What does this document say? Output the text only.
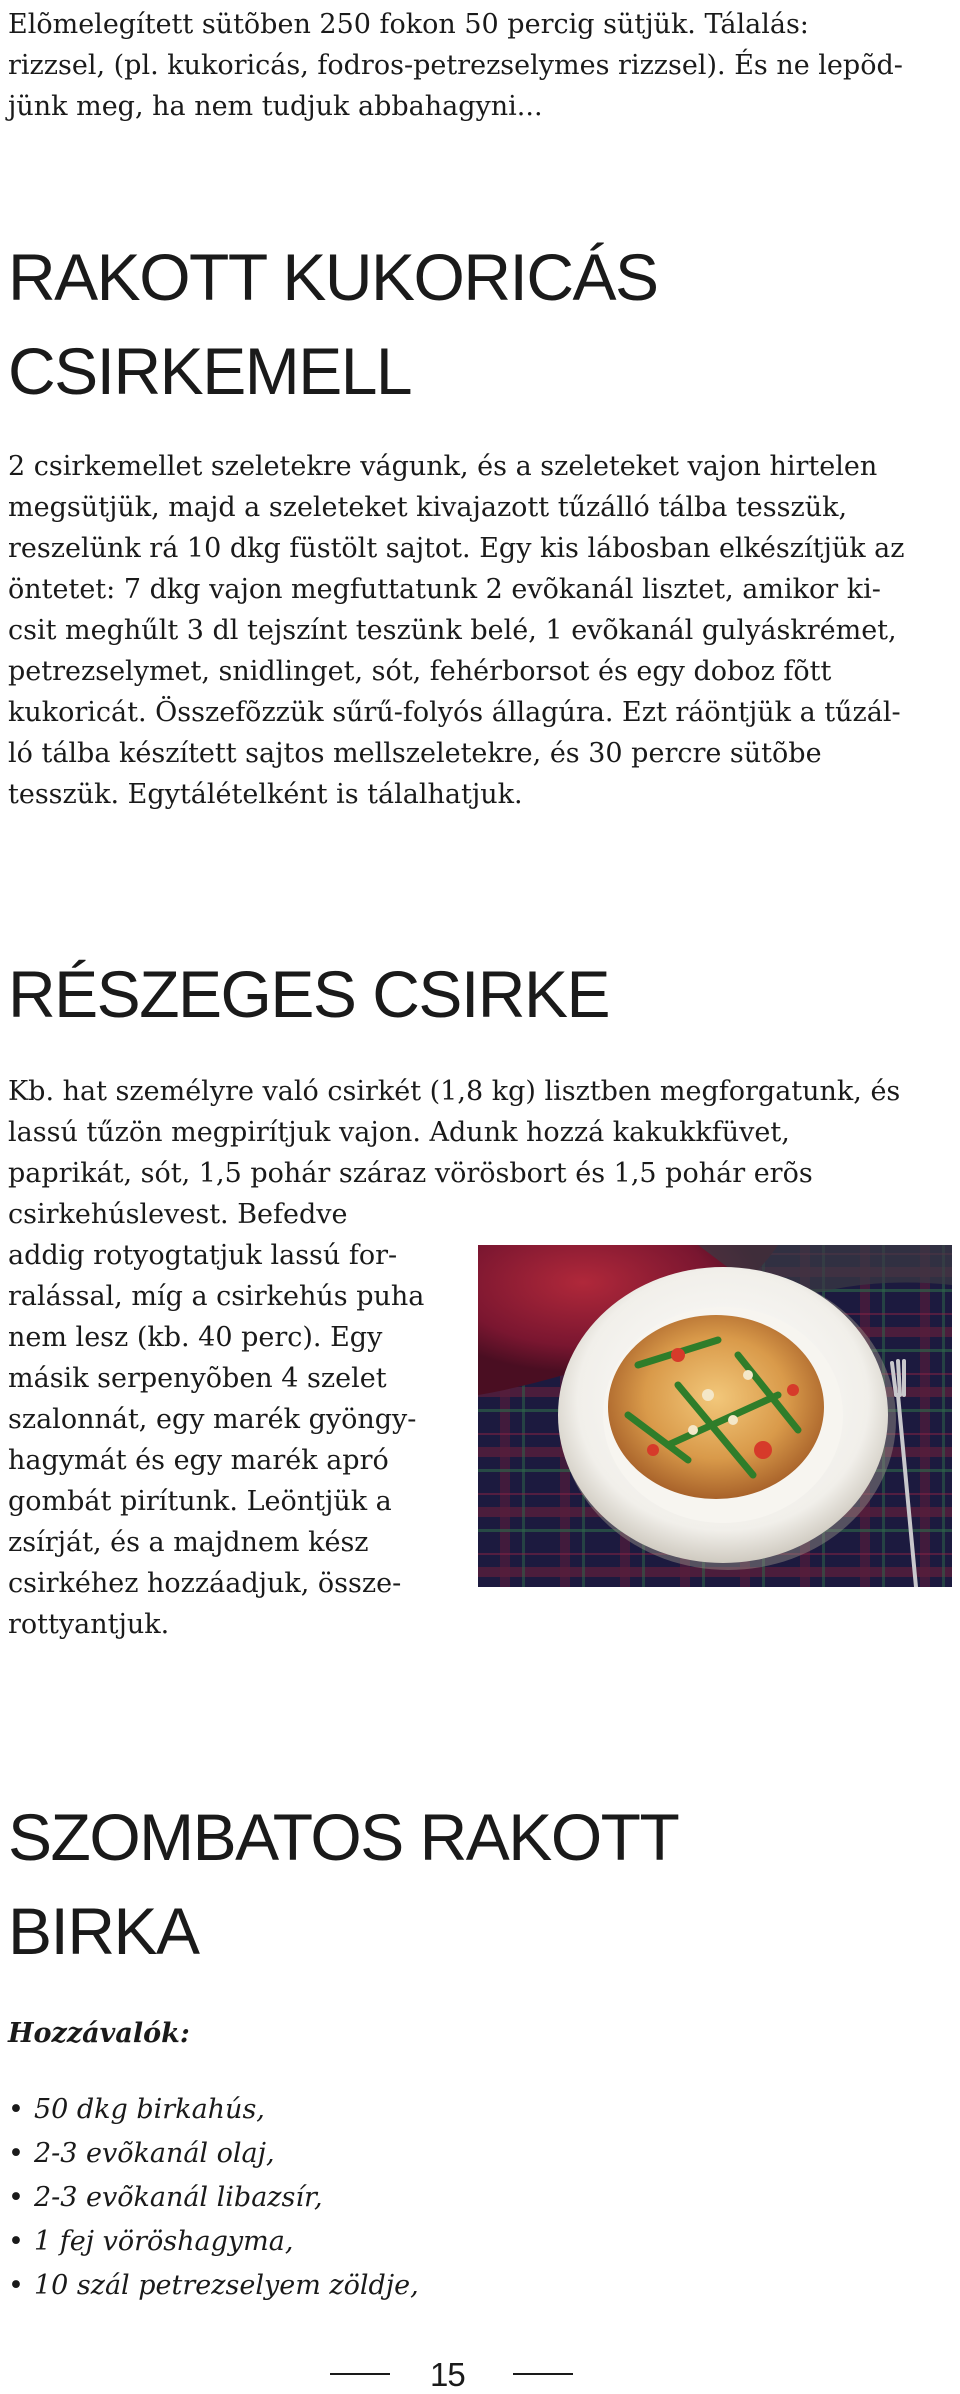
Elõmelegített sütõben 250 fokon 50 percig sütjük. Tálalás:

rizzsel, (pl. kukoricás, fodros-petrezselymes rizzsel). És ne lepõd-

jünk meg, ha nem tudjuk abbahagyni...

RAKOTT KUKORICÁS
CSIRKEMELL

2 csirkemellet szeletekre vágunk, és a szeleteket vajon hirtelen

megsütjük, majd a szeleteket kivajazott tűzálló tálba tesszük,

reszelünk rá 10 dkg füstölt sajtot. Egy kis lábosban elkészítjük az

öntetet: 7 dkg vajon megfuttatunk 2 evõkanál lisztet, amikor ki-

csit meghűlt 3 dl tejszínt teszünk belé, 1 evõkanál gulyáskrémet,

petrezselymet, snidlinget, sót, fehérborsot és egy doboz fõtt

kukoricát. Összefõzzük sűrű-folyós állagúra. Ezt ráöntjük a tűzál-

ló tálba készített sajtos mellszeletekre, és 30 percre sütõbe

tesszük. Egytálételként is tálalhatjuk.

RÉSZEGES CSIRKE

Kb. hat személyre való csirkét (1,8 kg) lisztben megforgatunk, és

lassú tűzön megpirítjuk vajon. Adunk hozzá kakukkfüvet,

paprikát, sót, 1,5 pohár száraz vörösbort és 1,5 pohár erõs

csirkehúslevest. Befedve

addig rotyogtatjuk lassú for-

ralással, míg a csirkehús puha

nem lesz (kb. 40 perc). Egy

másik serpenyõben 4 szelet

szalonnát, egy marék gyöngy-

hagymát és egy marék apró

gombát pirítunk. Leöntjük a

zsírját, és a majdnem kész

csirkéhez hozzáadjuk, össze-

rottyantjuk.

SZOMBATOS RAKOTT
BIRKA

Hozzávalók:

• 50 dkg birkahús,
• 2-3 evõkanál olaj,
• 2-3 evõkanál libazsír,
• 1 fej vöröshagyma,
• 10 szál petrezselyem zöldje,
15
